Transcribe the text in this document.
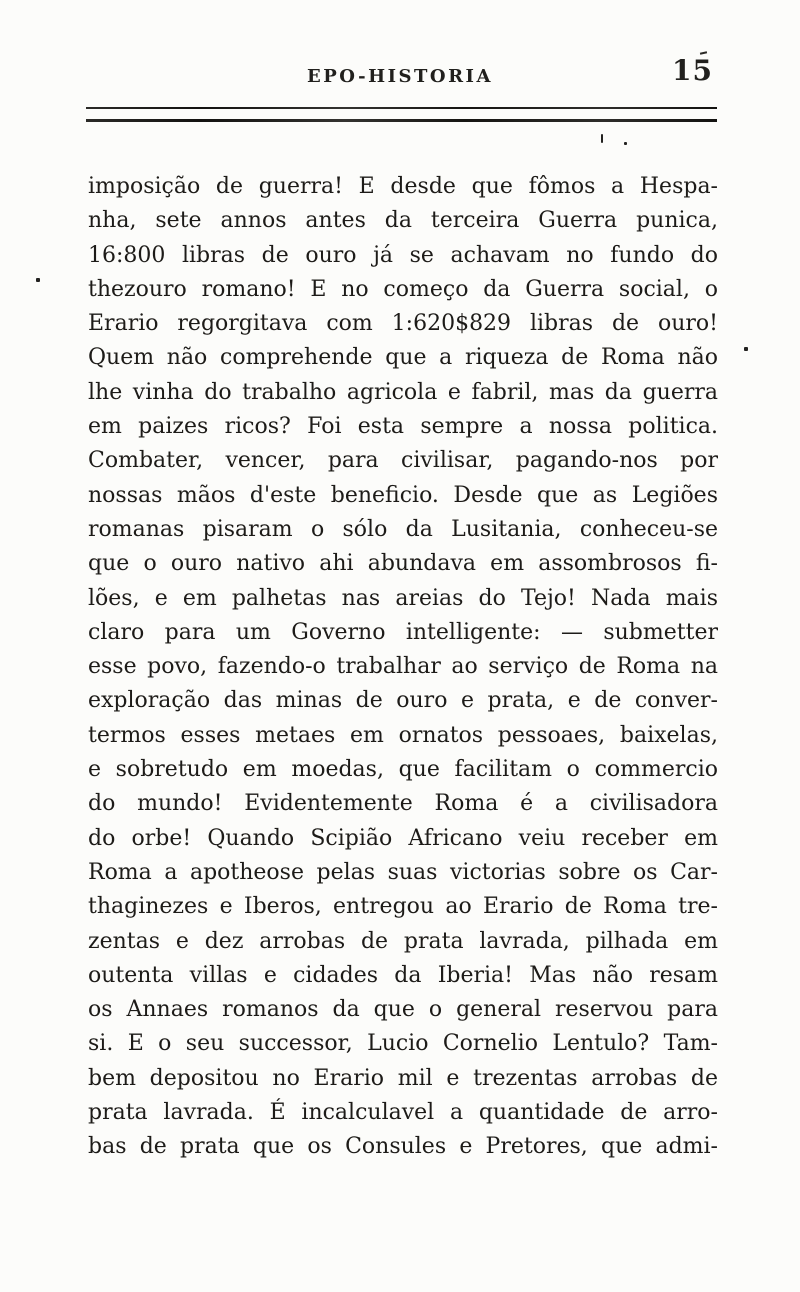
EPO-HISTORIA	15

imposição de guerra! E desde que fômos a Hespa-

nha, sete annos antes da terceira Guerra punica,

16:800 libras de ouro já se achavam no fundo do

thezouro romano! E no começo da Guerra social, o

Erario regorgitava com 1:620$829 libras de ouro!

Quem não comprehende que a riqueza de Roma não

lhe vinha do trabalho agricola e fabril, mas da guerra

em paizes ricos? Foi esta sempre a nossa politica.

Combater, vencer, para civilisar, pagando-nos por

nossas mãos d'este beneficio. Desde que as Legiões

romanas pisaram o sólo da Lusitania, conheceu-se

que o ouro nativo ahi abundava em assombrosos fi-

lões, e em palhetas nas areias do Tejo! Nada mais

claro para um Governo intelligente: — submetter

esse povo, fazendo-o trabalhar ao serviço de Roma na

exploração das minas de ouro e prata, e de conver-

termos esses metaes em ornatos pessoaes, baixelas,

e sobretudo em moedas, que facilitam o commercio

do mundo! Evidentemente Roma é a civilisadora

do orbe! Quando Scipião Africano veiu receber em

Roma a apotheose pelas suas victorias sobre os Car-

thaginezes e Iberos, entregou ao Erario de Roma tre-

zentas e dez arrobas de prata lavrada, pilhada em

outenta villas e cidades da Iberia! Mas não resam

os Annaes romanos da que o general reservou para

si. E o seu successor, Lucio Cornelio Lentulo? Tam-

bem depositou no Erario mil e trezentas arrobas de

prata lavrada. É incalculavel a quantidade de arro-

bas de prata que os Consules e Pretores, que admi-
